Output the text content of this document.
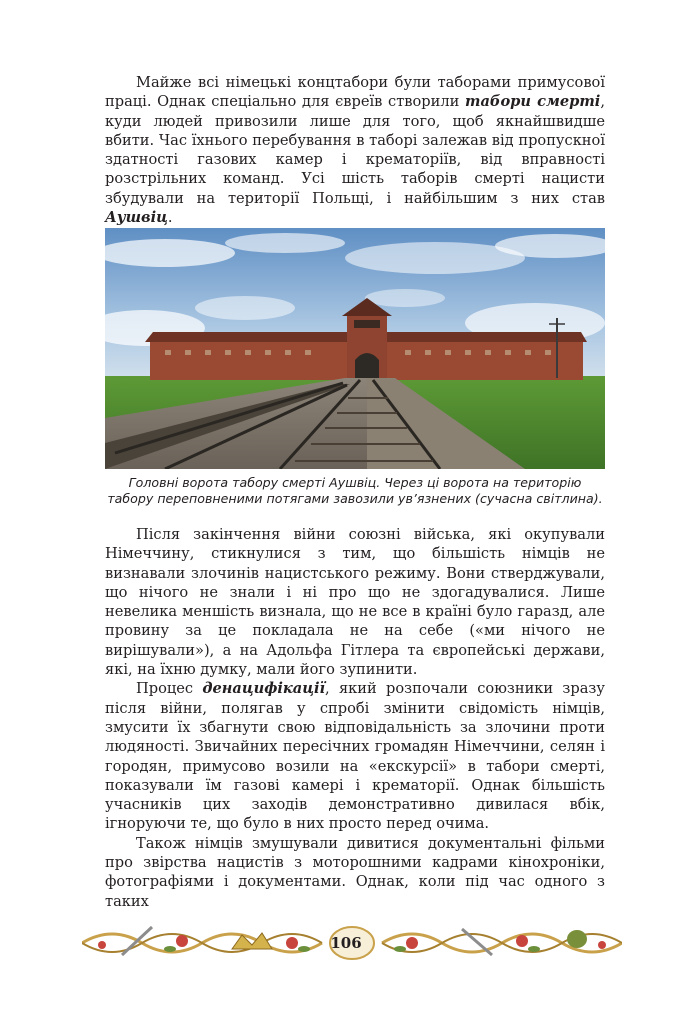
Майже всі німецькі концтабори були таборами примусової праці. Однак спеціально для євреїв створили табори смерті, куди людей привозили лише для того, щоб якнайшвидше вбити. Час їхнього перебування в таборі залежав від пропускної здатності газових камер і крематоріїв, від вправності розстрільних команд. Усі шість таборів смерті нацисти збудували на території Польщі, і найбільшим з них став Аушвіц.

Головні ворота табору смерті Аушвіц. Через ці ворота на територію
табору переповненими потягами завозили ув’язнених (сучасна світлина).

Після закінчення війни союзні війська, які окупували Німеччину, стикнулися з тим, що більшість німців не визнавали злочинів нацистського режиму. Вони стверджували, що нічого не знали і ні про що не здогадувалися. Лише невелика меншість визнала, що не все в країні було гаразд, але провину за це покладала не на себе («ми нічого не вирішували»), а на Адольфа Гітлера та європейські держави, які, на їхню думку, мали його зупинити.

Процес денацифікації, який розпочали союзники зразу після війни, полягав у спробі змінити свідомість німців, змусити їх збагнути свою відповідальність за злочини проти людяності. Звичайних пересічних громадян Німеччини, селян і городян, примусово возили на «екскурсії» в табори смерті, показували їм газові камері і крематорії. Однак більшість учасників цих заходів демонстративно дивилася вбік, ігноруючи те, що було в них просто перед очима.

Також німців змушували дивитися документальні фільми про звірства нацистів з моторошними кадрами кінохроніки, фотографіями і документами. Однак, коли під час одного з таких

106
